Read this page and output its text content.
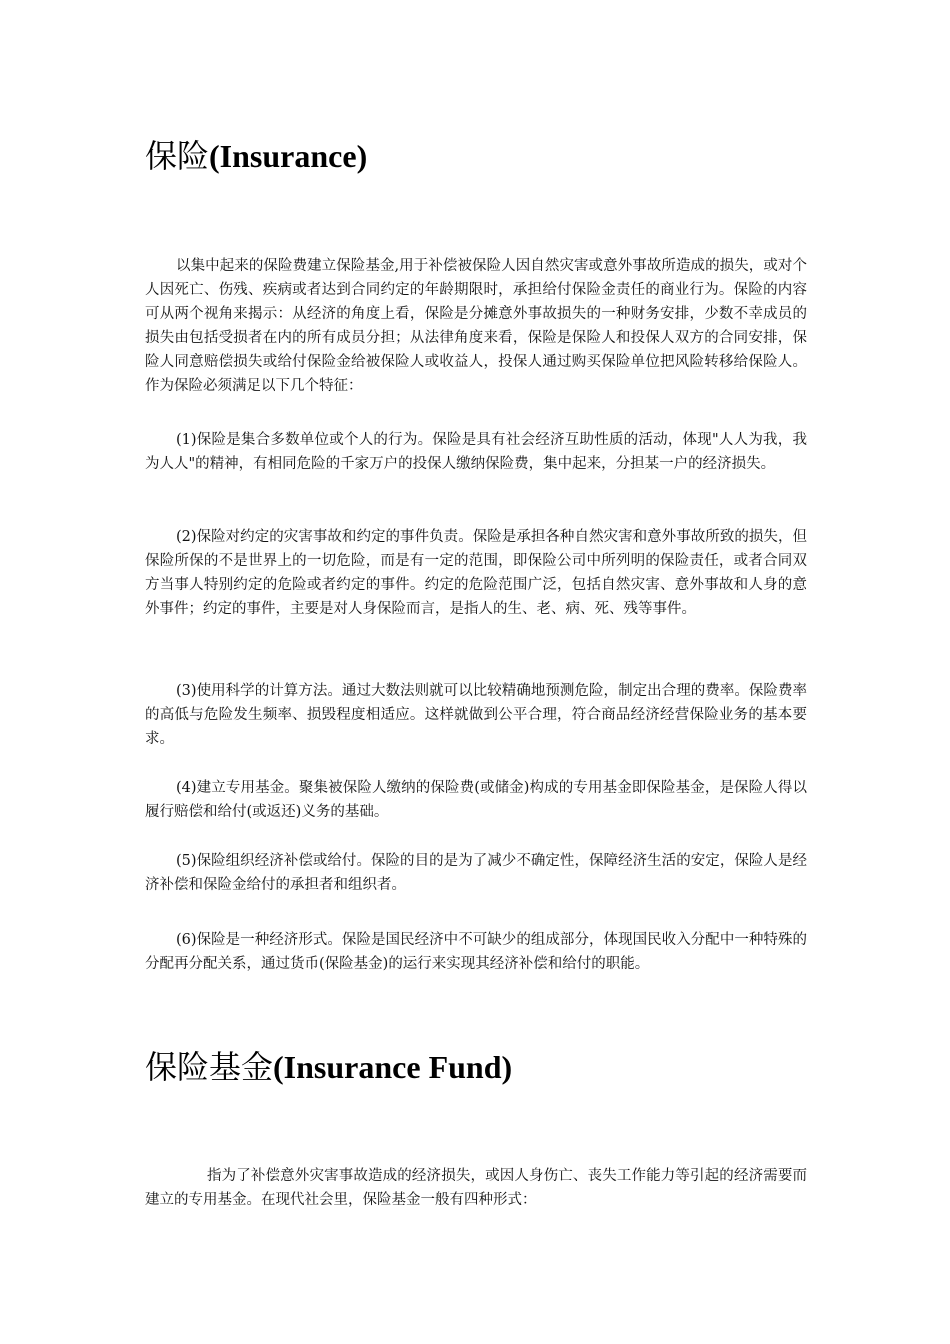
保险(Insurance)

以集中起来的保险费建立保险基金,用于补偿被保险人因自然灾害或意外事故所造成的损失，或对个人因死亡、伤残、疾病或者达到合同约定的年龄期限时，承担给付保险金责任的商业行为。保险的内容可从两个视角来揭示：从经济的角度上看，保险是分摊意外事故损失的一种财务安排，少数不幸成员的损失由包括受损者在内的所有成员分担；从法律角度来看，保险是保险人和投保人双方的合同安排，保险人同意赔偿损失或给付保险金给被保险人或收益人，投保人通过购买保险单位把风险转移给保险人。作为保险必须满足以下几个特征：

(1)保险是集合多数单位或个人的行为。保险是具有社会经济互助性质的活动，体现"人人为我，我为人人"的精神，有相同危险的千家万户的投保人缴纳保险费，集中起来，分担某一户的经济损失。

(2)保险对约定的灾害事故和约定的事件负责。保险是承担各种自然灾害和意外事故所致的损失，但保险所保的不是世界上的一切危险，而是有一定的范围，即保险公司中所列明的保险责任，或者合同双方当事人特别约定的危险或者约定的事件。约定的危险范围广泛，包括自然灾害、意外事故和人身的意外事件；约定的事件，主要是对人身保险而言，是指人的生、老、病、死、残等事件。

(3)使用科学的计算方法。通过大数法则就可以比较精确地预测危险，制定出合理的费率。保险费率的高低与危险发生频率、损毁程度相适应。这样就做到公平合理，符合商品经济经营保险业务的基本要求。

(4)建立专用基金。聚集被保险人缴纳的保险费(或储金)构成的专用基金即保险基金，是保险人得以履行赔偿和给付(或返还)义务的基础。

(5)保险组织经济补偿或给付。保险的目的是为了减少不确定性，保障经济生活的安定，保险人是经济补偿和保险金给付的承担者和组织者。

(6)保险是一种经济形式。保险是国民经济中不可缺少的组成部分，体现国民收入分配中一种特殊的分配再分配关系，通过货币(保险基金)的运行来实现其经济补偿和给付的职能。

保险基金(Insurance Fund)

指为了补偿意外灾害事故造成的经济损失，或因人身伤亡、丧失工作能力等引起的经济需要而建立的专用基金。在现代社会里，保险基金一般有四种形式：
